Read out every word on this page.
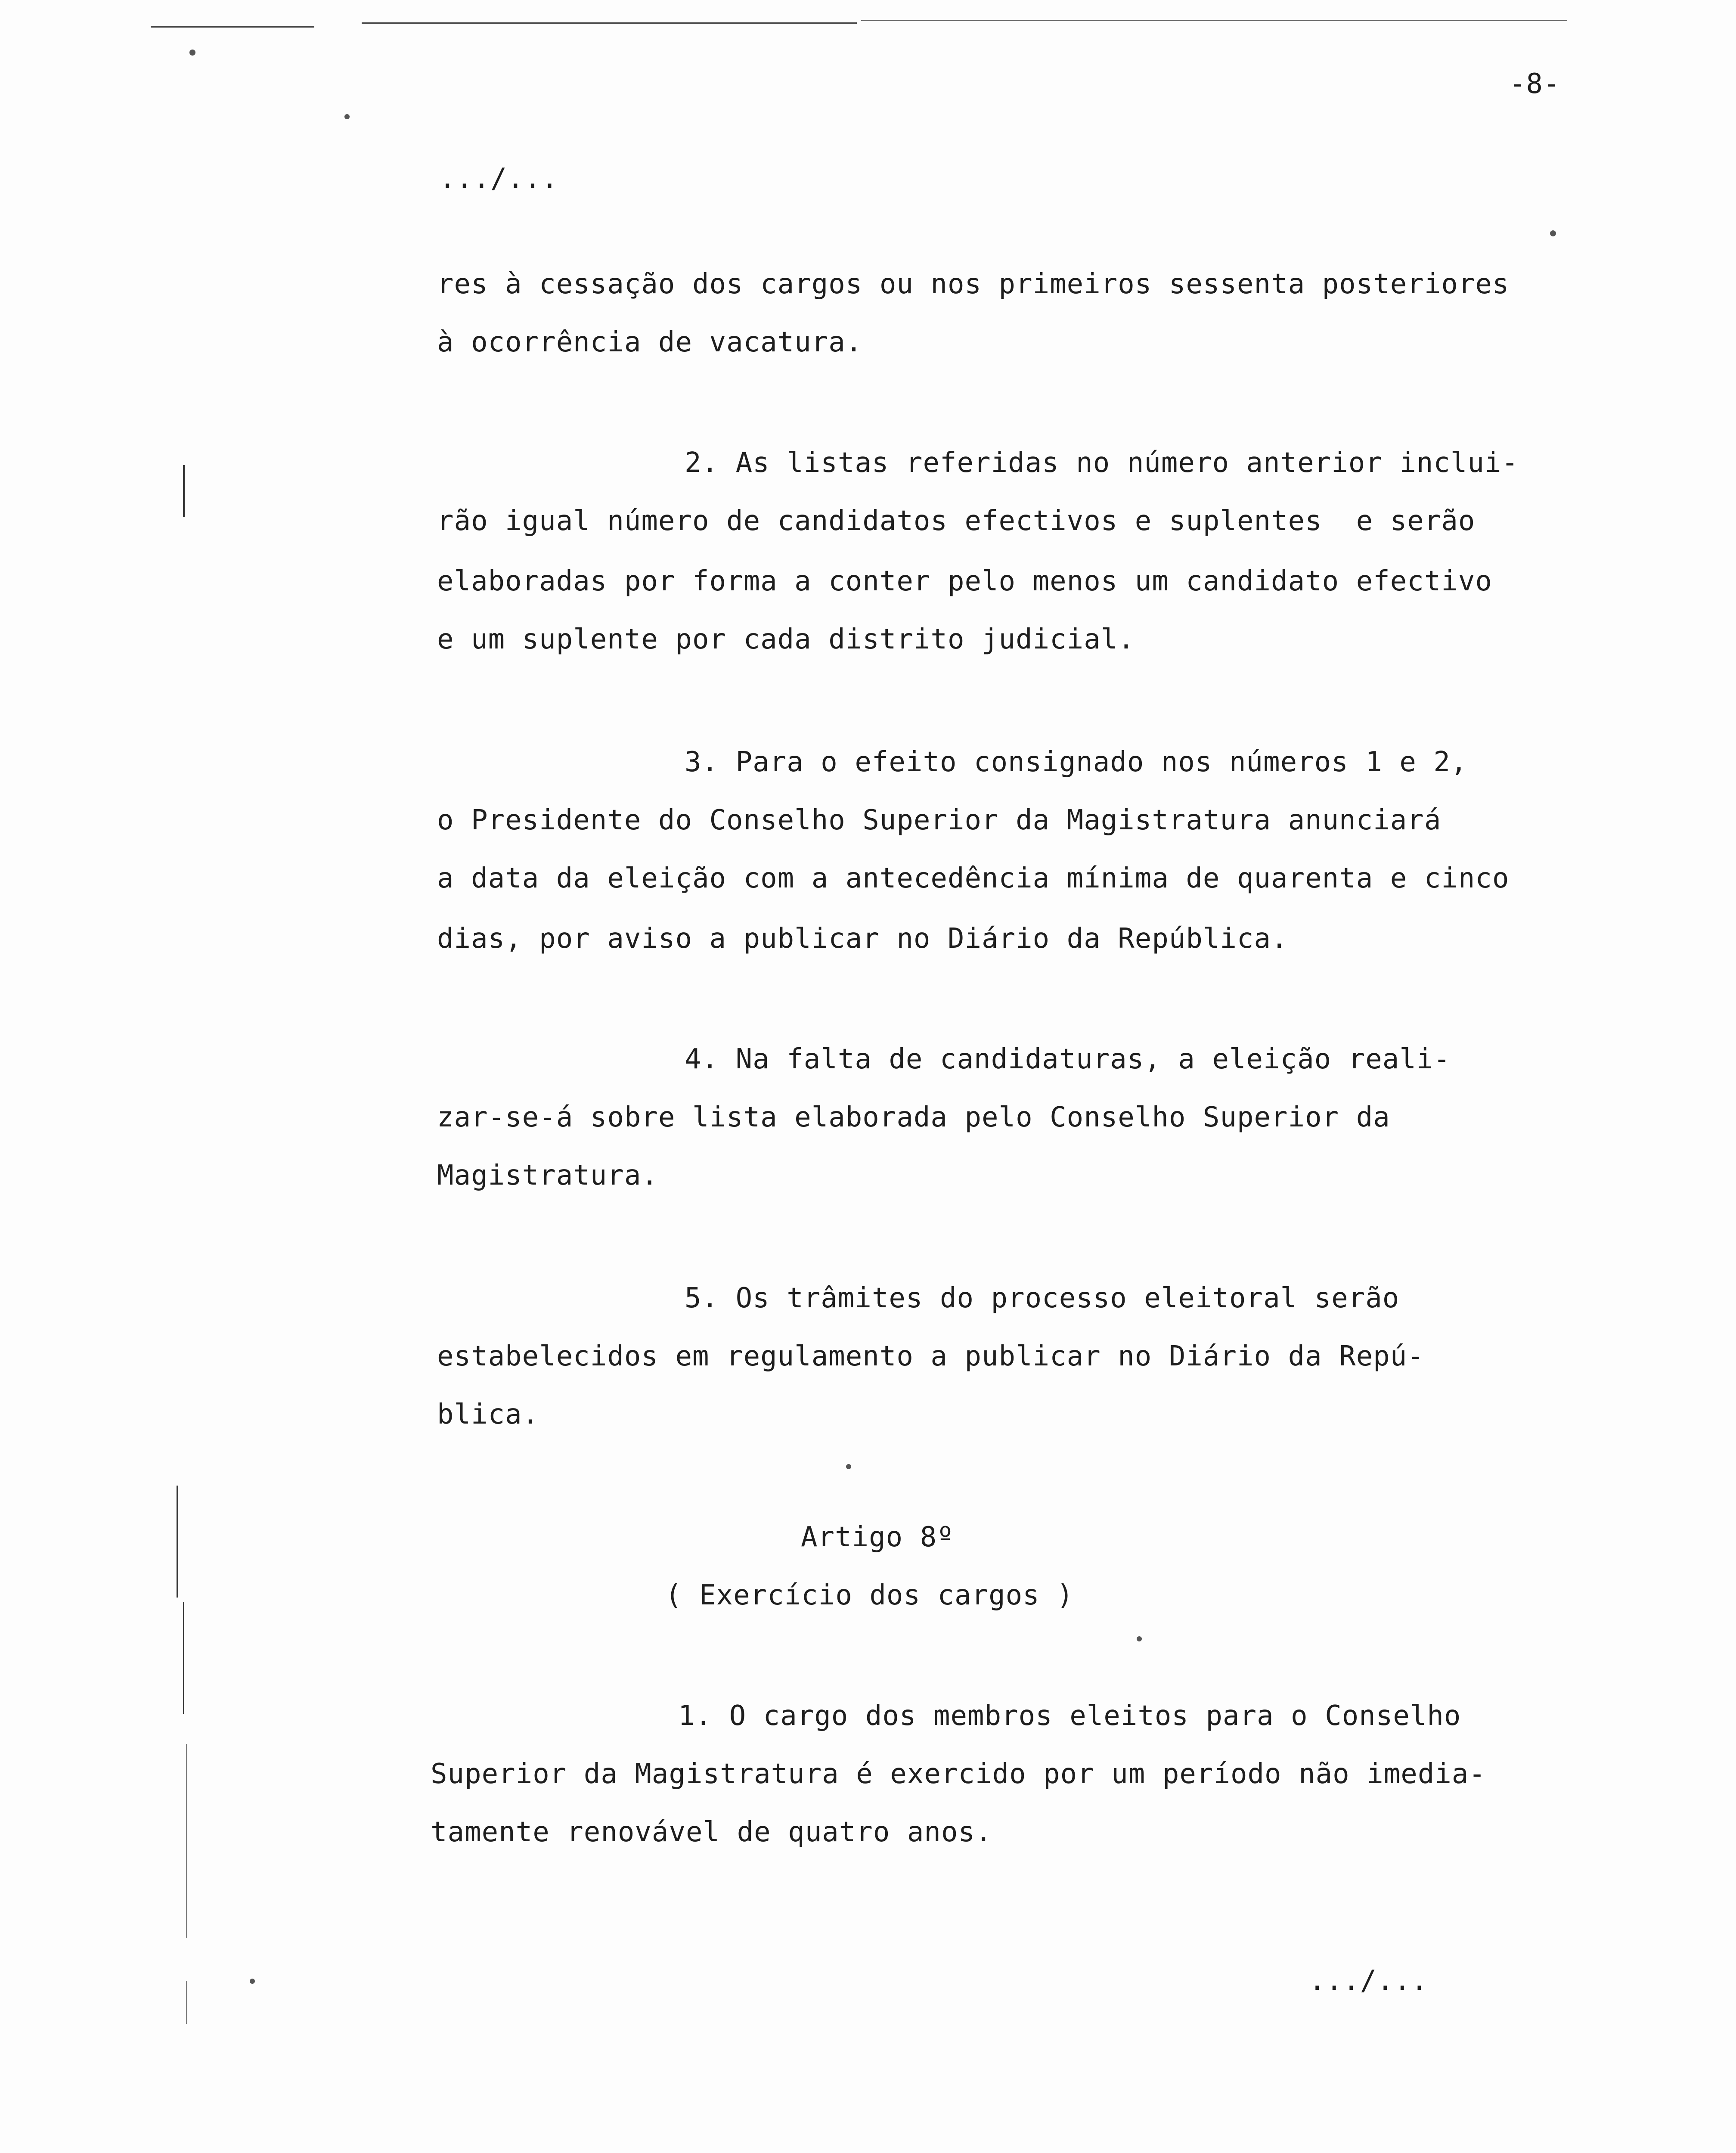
-8-
.../...
res à cessação dos cargos ou nos primeiros sessenta posteriores
à ocorrência de vacatura.
2. As listas referidas no número anterior inclui-
rão igual número de candidatos efectivos e suplentes  e serão
elaboradas por forma a conter pelo menos um candidato efectivo
e um suplente por cada distrito judicial.
3. Para o efeito consignado nos números 1 e 2,
o Presidente do Conselho Superior da Magistratura anunciará
a data da eleição com a antecedência mínima de quarenta e cinco
dias, por aviso a publicar no Diário da República.
4. Na falta de candidaturas, a eleição reali-
zar-se-á sobre lista elaborada pelo Conselho Superior da
Magistratura.
5. Os trâmites do processo eleitoral serão
estabelecidos em regulamento a publicar no Diário da Repú-
blica.
Artigo 8º
( Exercício dos cargos )
1. O cargo dos membros eleitos para o Conselho
Superior da Magistratura é exercido por um período não imedia-
tamente renovável de quatro anos.
.../...
